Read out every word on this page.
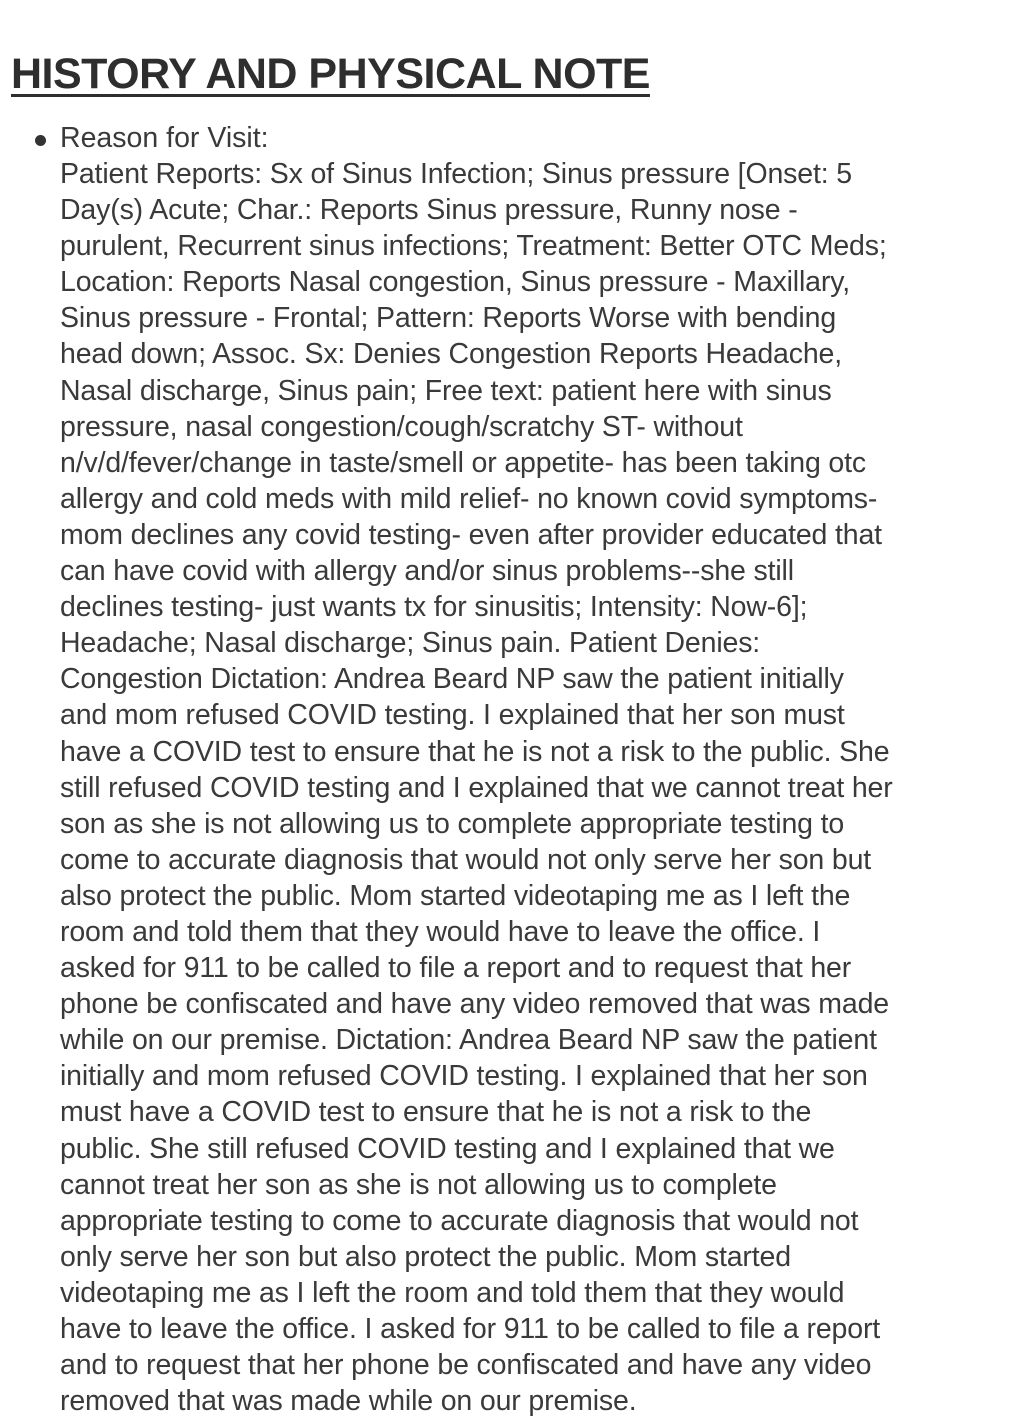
HISTORY AND PHYSICAL NOTE
Reason for Visit:
Patient Reports: Sx of Sinus Infection; Sinus pressure [Onset: 5
Day(s) Acute; Char.: Reports Sinus pressure, Runny nose -
purulent, Recurrent sinus infections; Treatment: Better OTC Meds;
Location: Reports Nasal congestion, Sinus pressure - Maxillary,
Sinus pressure - Frontal; Pattern: Reports Worse with bending
head down; Assoc. Sx: Denies Congestion Reports Headache,
Nasal discharge, Sinus pain; Free text: patient here with sinus
pressure, nasal congestion/cough/scratchy ST- without
n/v/d/fever/change in taste/smell or appetite- has been taking otc
allergy and cold meds with mild relief- no known covid symptoms-
mom declines any covid testing- even after provider educated that
can have covid with allergy and/or sinus problems--she still
declines testing- just wants tx for sinusitis; Intensity: Now-6];
Headache; Nasal discharge; Sinus pain. Patient Denies:
Congestion Dictation: Andrea Beard NP saw the patient initially
and mom refused COVID testing. I explained that her son must
have a COVID test to ensure that he is not a risk to the public. She
still refused COVID testing and I explained that we cannot treat her
son as she is not allowing us to complete appropriate testing to
come to accurate diagnosis that would not only serve her son but
also protect the public. Mom started videotaping me as I left the
room and told them that they would have to leave the office. I
asked for 911 to be called to file a report and to request that her
phone be confiscated and have any video removed that was made
while on our premise. Dictation: Andrea Beard NP saw the patient
initially and mom refused COVID testing. I explained that her son
must have a COVID test to ensure that he is not a risk to the
public. She still refused COVID testing and I explained that we
cannot treat her son as she is not allowing us to complete
appropriate testing to come to accurate diagnosis that would not
only serve her son but also protect the public. Mom started
videotaping me as I left the room and told them that they would
have to leave the office. I asked for 911 to be called to file a report
and to request that her phone be confiscated and have any video
removed that was made while on our premise.
